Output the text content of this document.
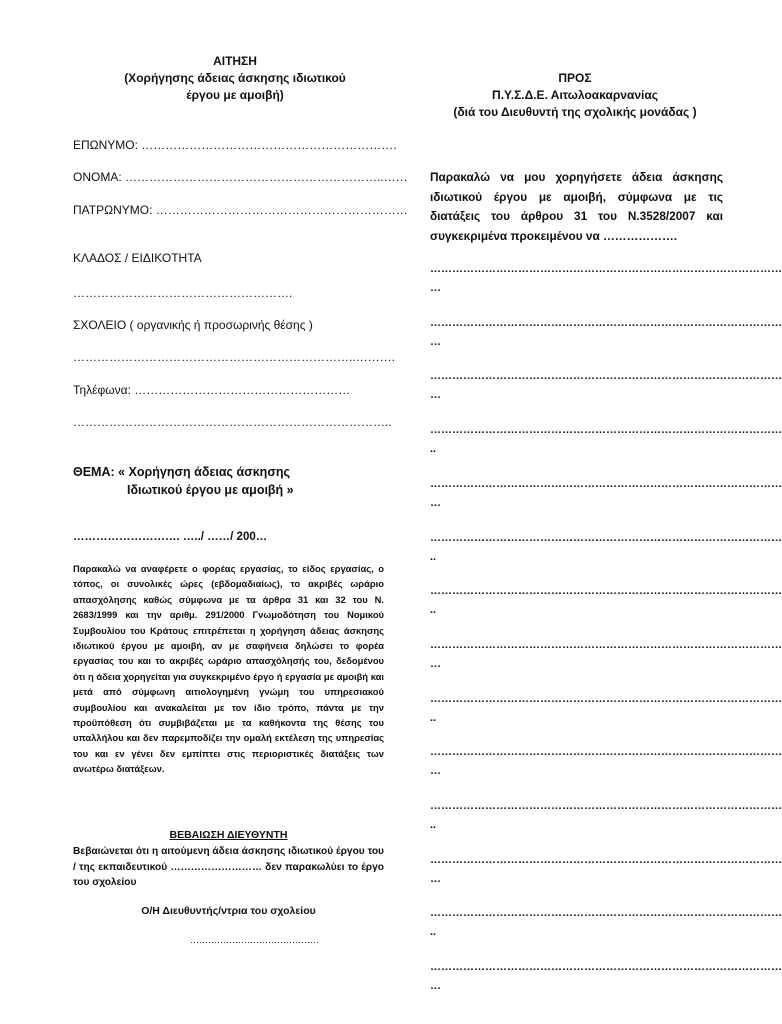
ΑΙΤΗΣΗ
(Χορήγησης άδειας άσκησης ιδιωτικού
έργου με αμοιβή)
ΠΡΟΣ
Π.Υ.Σ.Δ.Ε. Αιτωλοακαρνανίας
(διά του Διευθυντή της σχολικής μονάδας )
ΕΠΩΝΥΜΟ: ……………………………………………………….
ΟΝΟΜΑ: ………………………………………………………..……
ΠΑΤΡΩΝΥΜΟ: ………………………………………………………
ΚΛΑΔΟΣ / ΕΙΔΙΚΟΤΗΤΑ
……………………………………………….
ΣΧΟΛΕΙΟ ( οργανικής ή προσωρινής θέσης )
……………………………………………………………..……….
Τηλέφωνα: ………………………………………………
……………………………………………………………………..
ΘΕΜΑ: « Χορήγηση άδειας άσκησης
Ιδιωτικού έργου με αμοιβή »
………………………. …../ ……/ 200…
Παρακαλώ να αναφέρετε ο φορέας εργασίας, το είδος εργασίας, ο τόπος, οι συνολικές ώρες (εβδομαδιαίως), το ακριβές ωράριο απασχόλησης καθώς σύμφωνα με τα άρθρα 31 και 32 του Ν. 2683/1999 και την αριθμ. 291/2000 Γνωμοδότηση του Νομικού Συμβουλίου του Κράτους επιτρέπεται η χορήγηση άδειας άσκησης ιδιωτικού έργου με αμοιβή, αν με σαφήνεια δηλώσει το φορέα εργασίας του και το ακριβές ωράριο απασχόλησής του, δεδομένου ότι η άδεια χορηγείται για συγκεκριμένο έργο ή εργασία με αμοιβή και μετά από σύμφωνη αιτιολογημένη γνώμη του υπηρεσιακού συμβουλίου και ανακαλείται με τον ίδιο τρόπο, πάντα με την προϋπόθεση ότι συμβιβάζεται με τα καθήκοντα της θέσης του υπαλλήλου και δεν παρεμποδίζει την ομαλή εκτέλεση της υπηρεσίας του και εν γένει δεν εμπίπτει στις περιοριστικές διατάξεις των ανωτέρω διατάξεων.
ΒΕΒΑΙΩΣΗ ΔΙΕΥΘΥΝΤΗ
Βεβαιώνεται ότι η αιτούμενη άδεια άσκησης ιδιωτικού έργου του / της εκπαιδευτικού ……………………… δεν παρακωλύει το έργο του σχολείου
Ο/Η Διευθυντής/ντρια του σχολείου
…………………………………….
Παρακαλώ να μου χορηγήσετε άδεια άσκησης ιδιωτικού έργου με αμοιβή, σύμφωνα με τις διατάξεις του άρθρου 31 του Ν.3528/2007 και συγκεκριμένα προκειμένου να ……………….
……………………………………………………………………………………
…
……………………………………………………………………………………
…
……………………………………………………………………………………
…
……………………………………………………………………………………
..
……………………………………………………………………………………
…
……………………………………………………………………………………
..
……………………………………………………………………………………
..
……………………………………………………………………………………
…
……………………………………………………………………………………
..
……………………………………………………………………………………
…
……………………………………………………………………………………
..
……………………………………………………………………………………
…
……………………………………………………………………………………
..
……………………………………………………………………………………
…
